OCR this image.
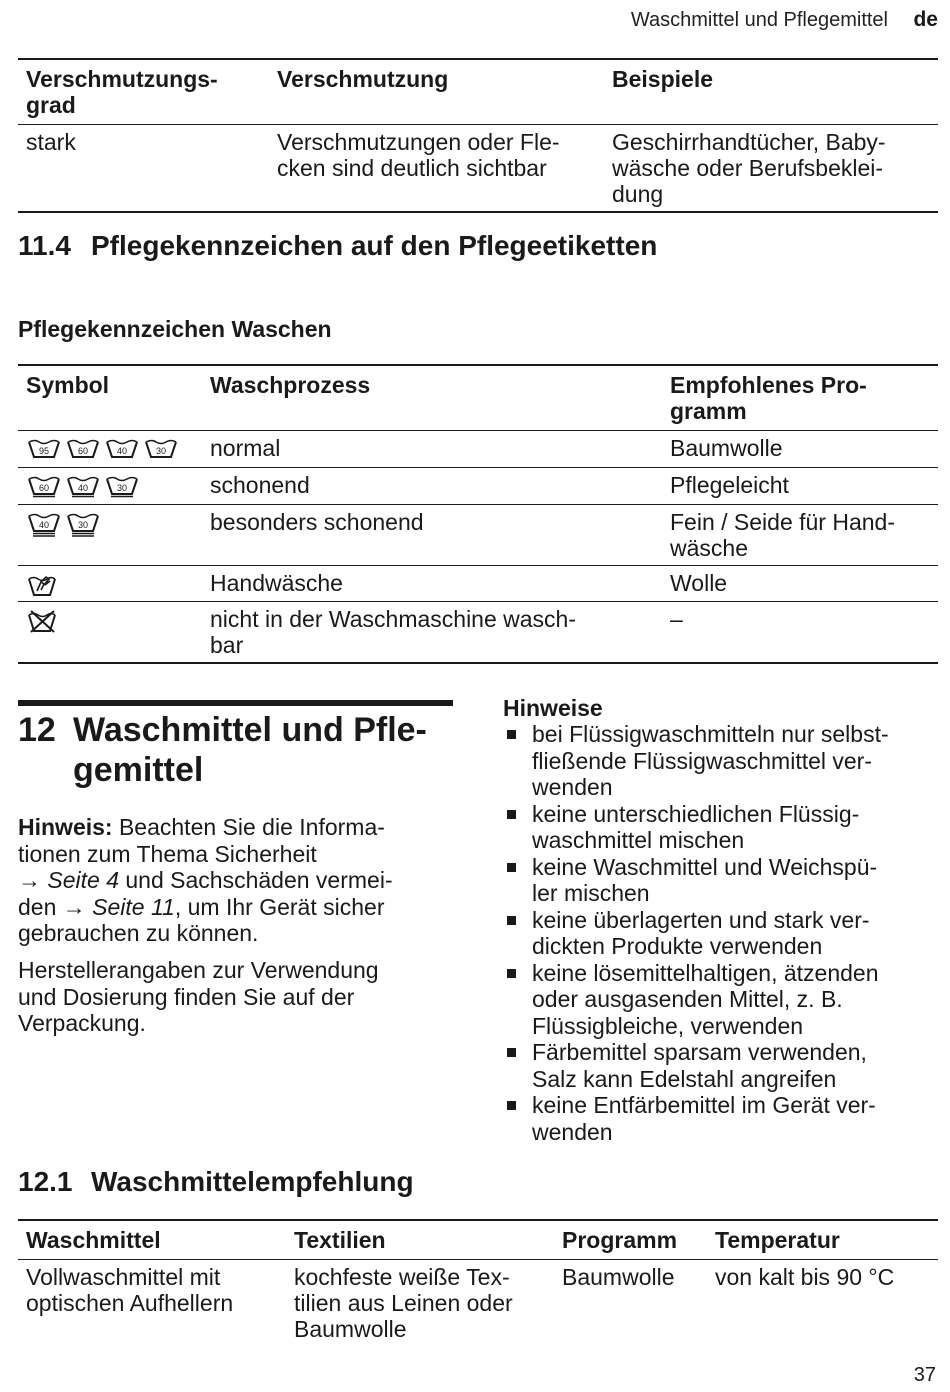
Waschmittel und Pflegemittel de
Verschmutzungs-
grad	Verschmutzung	Beispiele
stark	Verschmutzungen oder Fle-
cken sind deutlich sichtbar	Geschirrhandtücher, Baby-
wäsche oder Berufsbeklei-
dung
11.4 Pflegekennzeichen auf den Pflegeetiketten
Pflegekennzeichen Waschen
Symbol	Waschprozess	Empfohlenes Pro-
gramm

95 60 40 30	normal	Baumwolle

60 40 30	schonend	Pflegeleicht

40 30	besonders schonend	Fein / Seide für Hand-
wäsche

	Handwäsche	Wolle

	nicht in der Waschmaschine wasch-
bar	–
12 Waschmittel und Pfle-
gemittel
Hinweis: Beachten Sie die Informa-
tionen zum Thema Sicherheit
→ Seite 4 und Sachschäden vermei-
den → Seite 11, um Ihr Gerät sicher
gebrauchen zu können.
Herstellerangaben zur Verwendung
und Dosierung finden Sie auf der
Verpackung.
Hinweise
bei Flüssigwaschmitteln nur selbst-
fließende Flüssigwaschmittel ver-
wenden
keine unterschiedlichen Flüssig-
waschmittel mischen
keine Waschmittel und Weichspü-
ler mischen
keine überlagerten und stark ver-
dickten Produkte verwenden
keine lösemittelhaltigen, ätzenden
oder ausgasenden Mittel, z. B.
Flüssigbleiche, verwenden
Färbemittel sparsam verwenden,
Salz kann Edelstahl angreifen
keine Entfärbemittel im Gerät ver-
wenden
12.1 Waschmittelempfehlung
Waschmittel	Textilien	Programm	Temperatur
Vollwaschmittel mit
optischen Aufhellern	kochfeste weiße Tex-
tilien aus Leinen oder
Baumwolle	Baumwolle	von kalt bis 90 °C
37
